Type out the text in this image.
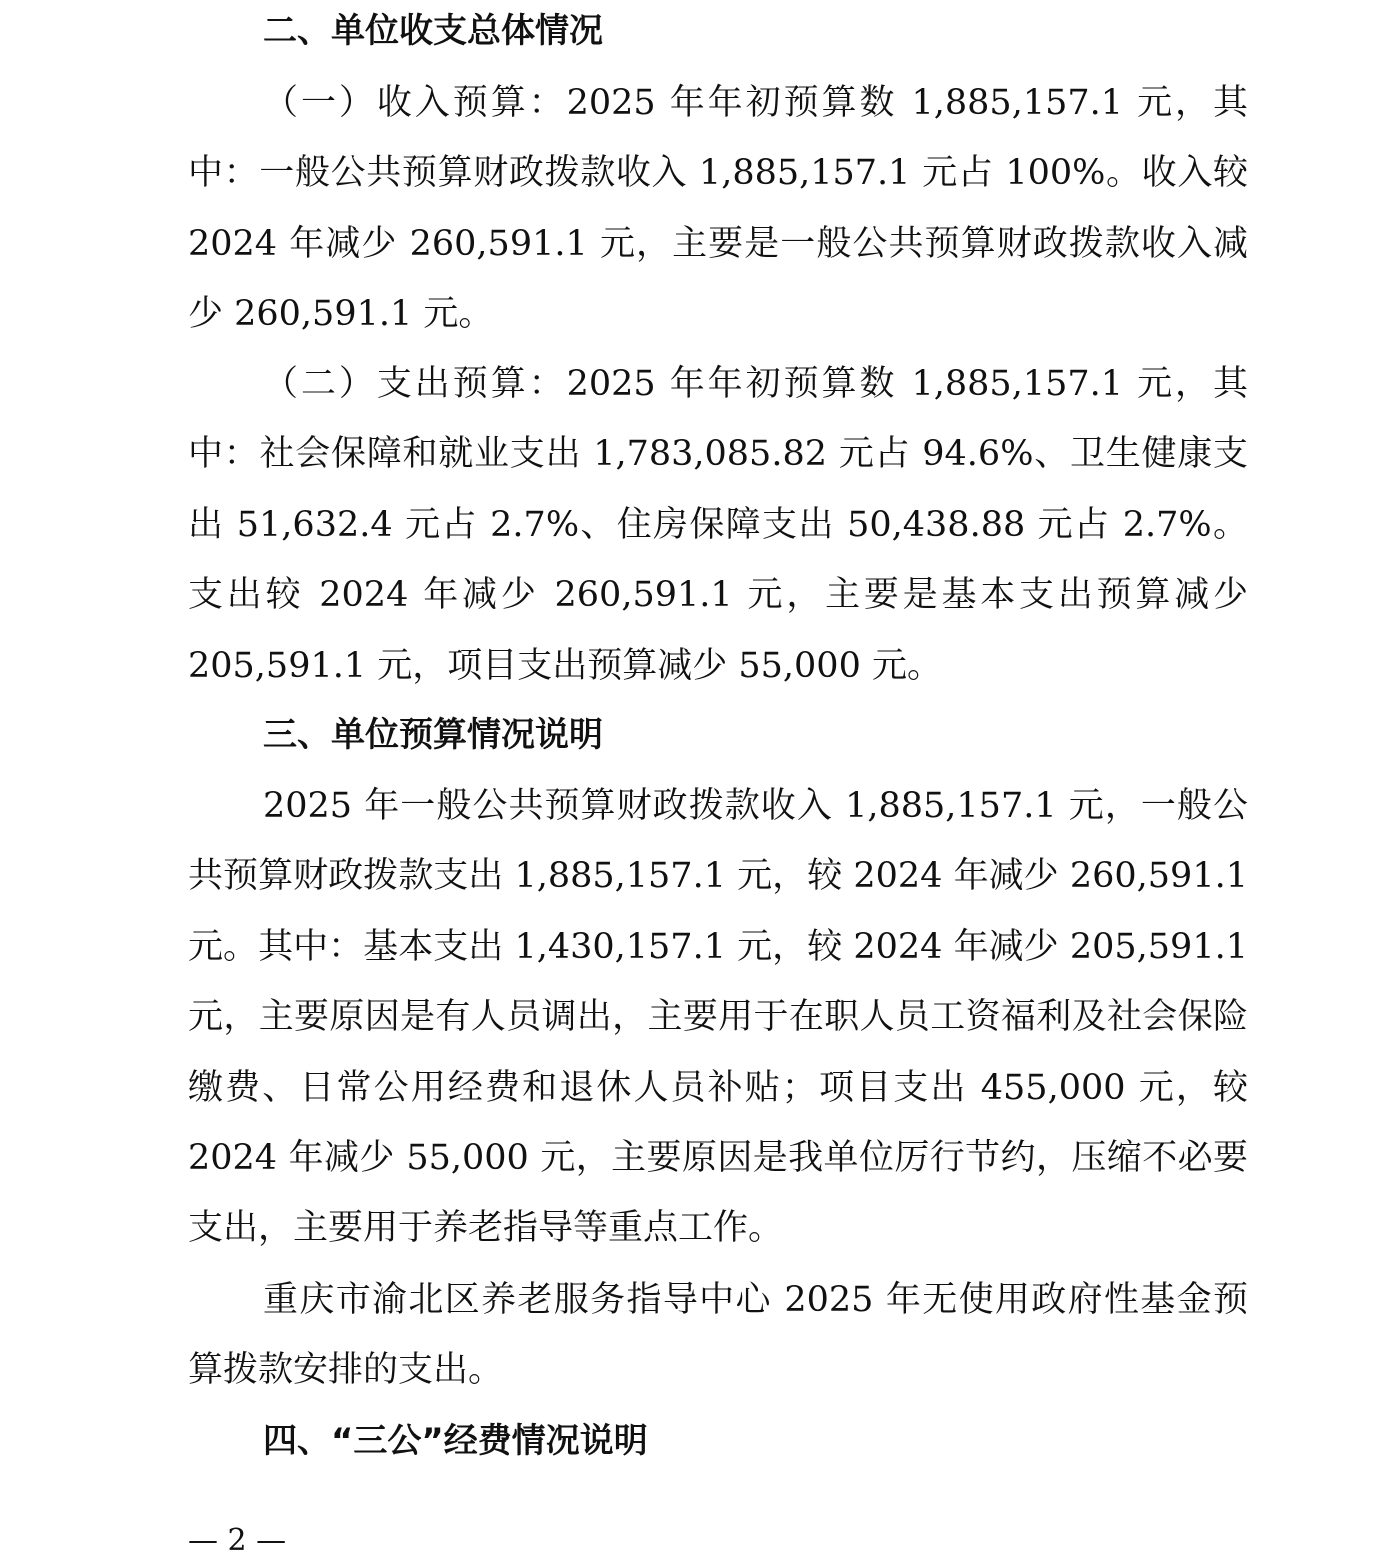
二、单位收支总体情况

（一）收入预算：2025 年年初预算数 1,885,157.1 元，其中：一般公共预算财政拨款收入 1,885,157.1 元占 100%。收入较 2024 年减少 260,591.1 元，主要是一般公共预算财政拨款收入减少 260,591.1 元。

（二）支出预算：2025 年年初预算数 1,885,157.1 元，其中：社会保障和就业支出 1,783,085.82 元占 94.6%、卫生健康支出 51,632.4 元占 2.7%、住房保障支出 50,438.88 元占 2.7%。支出较 2024 年减少 260,591.1 元，主要是基本支出预算减少 205,591.1 元，项目支出预算减少 55,000 元。

三、单位预算情况说明

2025 年一般公共预算财政拨款收入 1,885,157.1 元，一般公共预算财政拨款支出 1,885,157.1 元，较 2024 年减少 260,591.1 元。其中：基本支出 1,430,157.1 元，较 2024 年减少 205,591.1 元，主要原因是有人员调出，主要用于在职人员工资福利及社会保险缴费、日常公用经费和退休人员补贴；项目支出 455,000 元，较 2024 年减少 55,000 元，主要原因是我单位厉行节约，压缩不必要支出，主要用于养老指导等重点工作。

重庆市渝北区养老服务指导中心 2025 年无使用政府性基金预算拨款安排的支出。

四、“三公”经费情况说明
— 2 —
